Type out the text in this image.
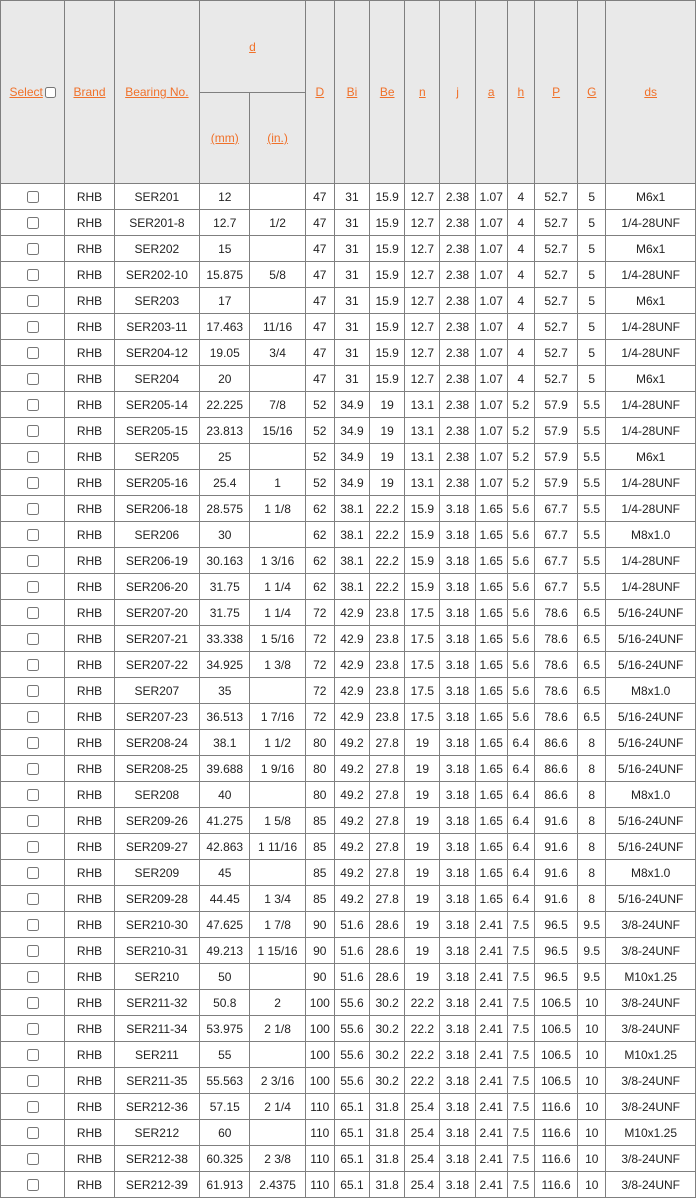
Select	Brand	Bearing No.	d		D	Bi	Be	n	j	a	h	P	G	ds
			(mm)	(in.)										
	RHB	SER201	12		47	31	15.9	12.7	2.38	1.07	4	52.7	5	M6x1
	RHB	SER201-8	12.7	1/2	47	31	15.9	12.7	2.38	1.07	4	52.7	5	1/4-28UNF
	RHB	SER202	15		47	31	15.9	12.7	2.38	1.07	4	52.7	5	M6x1
	RHB	SER202-10	15.875	5/8	47	31	15.9	12.7	2.38	1.07	4	52.7	5	1/4-28UNF
	RHB	SER203	17		47	31	15.9	12.7	2.38	1.07	4	52.7	5	M6x1
	RHB	SER203-11	17.463	11/16	47	31	15.9	12.7	2.38	1.07	4	52.7	5	1/4-28UNF
	RHB	SER204-12	19.05	3/4	47	31	15.9	12.7	2.38	1.07	4	52.7	5	1/4-28UNF
	RHB	SER204	20		47	31	15.9	12.7	2.38	1.07	4	52.7	5	M6x1
	RHB	SER205-14	22.225	7/8	52	34.9	19	13.1	2.38	1.07	5.2	57.9	5.5	1/4-28UNF
	RHB	SER205-15	23.813	15/16	52	34.9	19	13.1	2.38	1.07	5.2	57.9	5.5	1/4-28UNF
	RHB	SER205	25		52	34.9	19	13.1	2.38	1.07	5.2	57.9	5.5	M6x1
	RHB	SER205-16	25.4	1	52	34.9	19	13.1	2.38	1.07	5.2	57.9	5.5	1/4-28UNF
	RHB	SER206-18	28.575	1 1/8	62	38.1	22.2	15.9	3.18	1.65	5.6	67.7	5.5	1/4-28UNF
	RHB	SER206	30		62	38.1	22.2	15.9	3.18	1.65	5.6	67.7	5.5	M8x1.0
	RHB	SER206-19	30.163	1 3/16	62	38.1	22.2	15.9	3.18	1.65	5.6	67.7	5.5	1/4-28UNF
	RHB	SER206-20	31.75	1 1/4	62	38.1	22.2	15.9	3.18	1.65	5.6	67.7	5.5	1/4-28UNF
	RHB	SER207-20	31.75	1 1/4	72	42.9	23.8	17.5	3.18	1.65	5.6	78.6	6.5	5/16-24UNF
	RHB	SER207-21	33.338	1 5/16	72	42.9	23.8	17.5	3.18	1.65	5.6	78.6	6.5	5/16-24UNF
	RHB	SER207-22	34.925	1 3/8	72	42.9	23.8	17.5	3.18	1.65	5.6	78.6	6.5	5/16-24UNF
	RHB	SER207	35		72	42.9	23.8	17.5	3.18	1.65	5.6	78.6	6.5	M8x1.0
	RHB	SER207-23	36.513	1 7/16	72	42.9	23.8	17.5	3.18	1.65	5.6	78.6	6.5	5/16-24UNF
	RHB	SER208-24	38.1	1 1/2	80	49.2	27.8	19	3.18	1.65	6.4	86.6	8	5/16-24UNF
	RHB	SER208-25	39.688	1 9/16	80	49.2	27.8	19	3.18	1.65	6.4	86.6	8	5/16-24UNF
	RHB	SER208	40		80	49.2	27.8	19	3.18	1.65	6.4	86.6	8	M8x1.0
	RHB	SER209-26	41.275	1 5/8	85	49.2	27.8	19	3.18	1.65	6.4	91.6	8	5/16-24UNF
	RHB	SER209-27	42.863	1 11/16	85	49.2	27.8	19	3.18	1.65	6.4	91.6	8	5/16-24UNF
	RHB	SER209	45		85	49.2	27.8	19	3.18	1.65	6.4	91.6	8	M8x1.0
	RHB	SER209-28	44.45	1 3/4	85	49.2	27.8	19	3.18	1.65	6.4	91.6	8	5/16-24UNF
	RHB	SER210-30	47.625	1 7/8	90	51.6	28.6	19	3.18	2.41	7.5	96.5	9.5	3/8-24UNF
	RHB	SER210-31	49.213	1 15/16	90	51.6	28.6	19	3.18	2.41	7.5	96.5	9.5	3/8-24UNF
	RHB	SER210	50		90	51.6	28.6	19	3.18	2.41	7.5	96.5	9.5	M10x1.25
	RHB	SER211-32	50.8	2	100	55.6	30.2	22.2	3.18	2.41	7.5	106.5	10	3/8-24UNF
	RHB	SER211-34	53.975	2 1/8	100	55.6	30.2	22.2	3.18	2.41	7.5	106.5	10	3/8-24UNF
	RHB	SER211	55		100	55.6	30.2	22.2	3.18	2.41	7.5	106.5	10	M10x1.25
	RHB	SER211-35	55.563	2 3/16	100	55.6	30.2	22.2	3.18	2.41	7.5	106.5	10	3/8-24UNF
	RHB	SER212-36	57.15	2 1/4	110	65.1	31.8	25.4	3.18	2.41	7.5	116.6	10	3/8-24UNF
	RHB	SER212	60		110	65.1	31.8	25.4	3.18	2.41	7.5	116.6	10	M10x1.25
	RHB	SER212-38	60.325	2 3/8	110	65.1	31.8	25.4	3.18	2.41	7.5	116.6	10	3/8-24UNF
	RHB	SER212-39	61.913	2.4375	110	65.1	31.8	25.4	3.18	2.41	7.5	116.6	10	3/8-24UNF
